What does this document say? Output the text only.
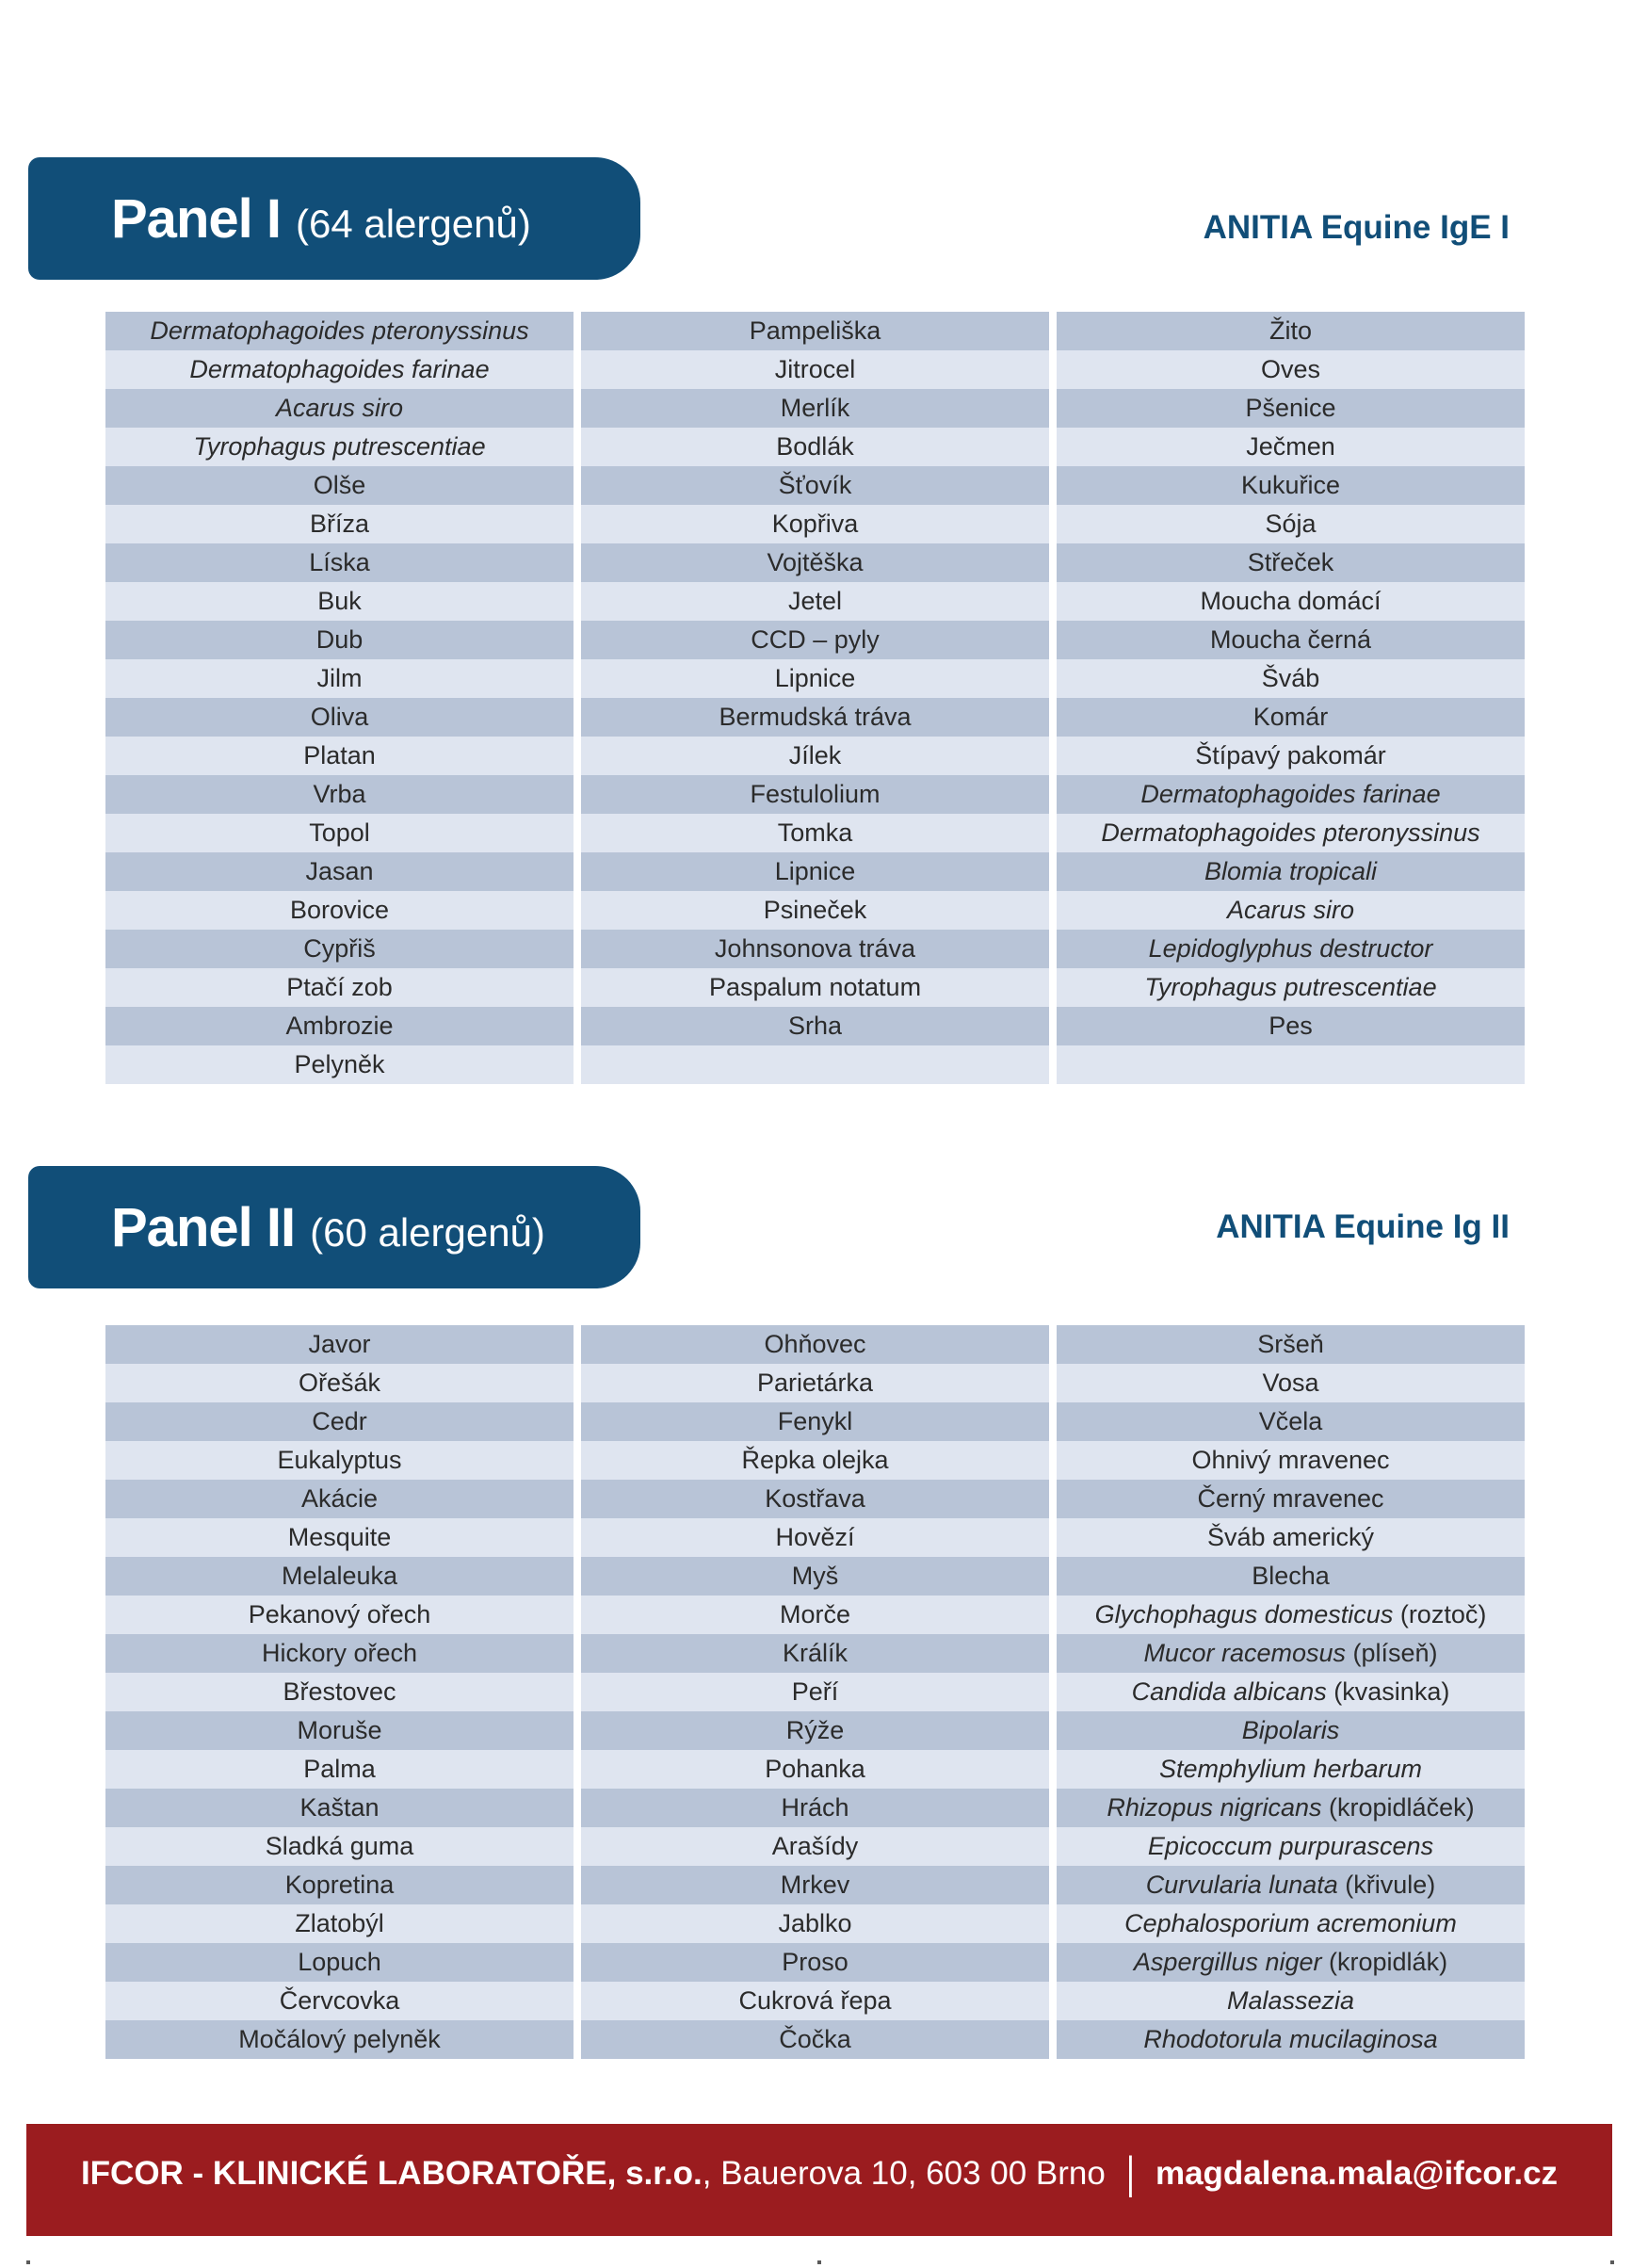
Panel I (64 alergenů)	ANITIA Equine IgE I
Dermatophagoides pteronyssinus	Pampeliška	Žito
Dermatophagoides farinae	Jitrocel	Oves
Acarus siro	Merlík	Pšenice
Tyrophagus putrescentiae	Bodlák	Ječmen
Olše	Šťovík	Kukuřice
Bříza	Kopřiva	Sója
Líska	Vojtěška	Střeček
Buk	Jetel	Moucha domácí
Dub	CCD – pyly	Moucha černá
Jilm	Lipnice	Šváb
Oliva	Bermudská tráva	Komár
Platan	Jílek	Štípavý pakomár
Vrba	Festulolium	Dermatophagoides farinae
Topol	Tomka	Dermatophagoides pteronyssinus
Jasan	Lipnice	Blomia tropicali
Borovice	Psineček	Acarus siro
Cypřiš	Johnsonova tráva	Lepidoglyphus destructor
Ptačí zob	Paspalum notatum	Tyrophagus putrescentiae
Ambrozie	Srha	Pes
Pelyněk
Panel II (60 alergenů)	ANITIA Equine Ig II
Javor	Ohňovec	Sršeň
Ořešák	Parietárka	Vosa
Cedr	Fenykl	Včela
Eukalyptus	Řepka olejka	Ohnivý mravenec
Akácie	Kostřava	Černý mravenec
Mesquite	Hovězí	Šváb americký
Melaleuka	Myš	Blecha
Pekanový ořech	Morče	Glychophagus domesticus (roztoč)
Hickory ořech	Králík	Mucor racemosus (plíseň)
Břestovec	Peří	Candida albicans (kvasinka)
Moruše	Rýže	Bipolaris
Palma	Pohanka	Stemphylium herbarum
Kaštan	Hrách	Rhizopus nigricans (kropidláček)
Sladká guma	Arašídy	Epicoccum purpurascens
Kopretina	Mrkev	Curvularia lunata (křivule)
Zlatobýl	Jablko	Cephalosporium acremonium
Lopuch	Proso	Aspergillus niger (kropidlák)
Červcovka	Cukrová řepa	Malassezia
Močálový pelyněk	Čočka	Rhodotorula mucilaginosa
IFCOR - KLINICKÉ LABORATOŘE, s.r.o. , Bauerova 10, 603 00 Brno | magdalena.mala@ifcor.cz
